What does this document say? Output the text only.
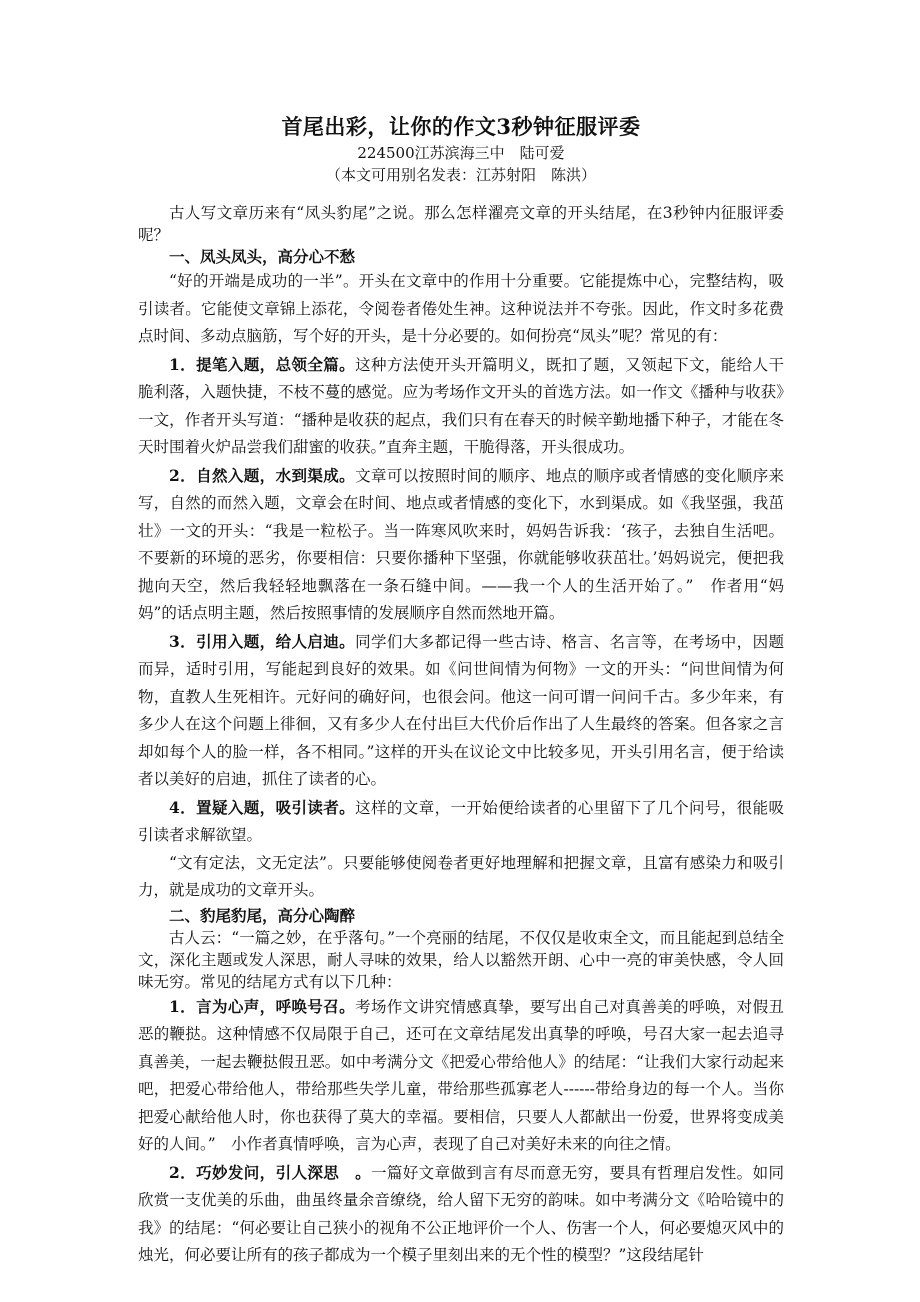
首尾出彩，让你的作文3秒钟征服评委

224500江苏滨海三中　陆可爱

（本文可用别名发表：江苏射阳　陈洪）

古人写文章历来有“凤头豹尾”之说。那么怎样濯亮文章的开头结尾，在3秒钟内征服评委呢？

一、凤头凤头，高分心不愁

“好的开端是成功的一半”。开头在文章中的作用十分重要。它能提炼中心，完整结构，吸引读者。它能使文章锦上添花，令阅卷者倦处生神。这种说法并不夸张。因此，作文时多花费点时间、多动点脑筋，写个好的开头，是十分必要的。如何扮亮“凤头”呢？常见的有：

1．提笔入题，总领全篇。这种方法使开头开篇明义，既扣了题，又领起下文，能给人干脆利落，入题快捷，不枝不蔓的感觉。应为考场作文开头的首选方法。如一作文《播种与收获》一文，作者开头写道：“播种是收获的起点，我们只有在春天的时候辛勤地播下种子，才能在冬天时围着火炉品尝我们甜蜜的收获。”直奔主题，干脆得落，开头很成功。

2．自然入题，水到渠成。文章可以按照时间的顺序、地点的顺序或者情感的变化顺序来写，自然的而然入题，文章会在时间、地点或者情感的变化下，水到渠成。如《我坚强，我茁壮》一文的开头：“我是一粒松子。当一阵寒风吹来时，妈妈告诉我：‘孩子，去独自生活吧。不要新的环境的恶劣，你要相信：只要你播种下坚强，你就能够收获茁壮。’妈妈说完，便把我抛向天空，然后我轻轻地飘落在一条石缝中间。——我一个人的生活开始了。”　作者用“妈妈”的话点明主题，然后按照事情的发展顺序自然而然地开篇。

3．引用入题，给人启迪。同学们大多都记得一些古诗、格言、名言等，在考场中，因题而异，适时引用，写能起到良好的效果。如《问世间情为何物》一文的开头：“问世间情为何物，直教人生死相许。元好问的确好问，也很会问。他这一问可谓一问问千古。多少年来，有多少人在这个问题上徘徊，又有多少人在付出巨大代价后作出了人生最终的答案。但各家之言却如每个人的脸一样，各不相同。”这样的开头在议论文中比较多见，开头引用名言，便于给读者以美好的启迪，抓住了读者的心。

4．置疑入题，吸引读者。这样的文章，一开始便给读者的心里留下了几个问号，很能吸引读者求解欲望。

“文有定法，文无定法”。只要能够使阅卷者更好地理解和把握文章，且富有感染力和吸引力，就是成功的文章开头。

二、豹尾豹尾，高分心陶醉

古人云：“一篇之妙，在乎落句。”一个亮丽的结尾，不仅仅是收束全文，而且能起到总结全文，深化主题或发人深思，耐人寻味的效果，给人以豁然开朗、心中一亮的审美快感，令人回味无穷。常见的结尾方式有以下几种：

1．言为心声，呼唤号召。考场作文讲究情感真挚，要写出自己对真善美的呼唤，对假丑恶的鞭挞。这种情感不仅局限于自己，还可在文章结尾发出真挚的呼唤，号召大家一起去追寻真善美，一起去鞭挞假丑恶。如中考满分文《把爱心带给他人》的结尾：“让我们大家行动起来吧，把爱心带给他人，带给那些失学儿童，带给那些孤寡老人------带给身边的每一个人。当你把爱心献给他人时，你也获得了莫大的幸福。要相信，只要人人都献出一份爱，世界将变成美好的人间。”　小作者真情呼唤，言为心声，表现了自己对美好未来的向往之情。

2．巧妙发问，引人深思　。一篇好文章做到言有尽而意无穷，要具有哲理启发性。如同欣赏一支优美的乐曲，曲虽终量余音缭绕，给人留下无穷的韵味。如中考满分文《哈哈镜中的我》的结尾：“何必要让自己狭小的视角不公正地评价一个人、伤害一个人，何必要熄灭风中的烛光，何必要让所有的孩子都成为一个模子里刻出来的无个性的模型？”这段结尾针
